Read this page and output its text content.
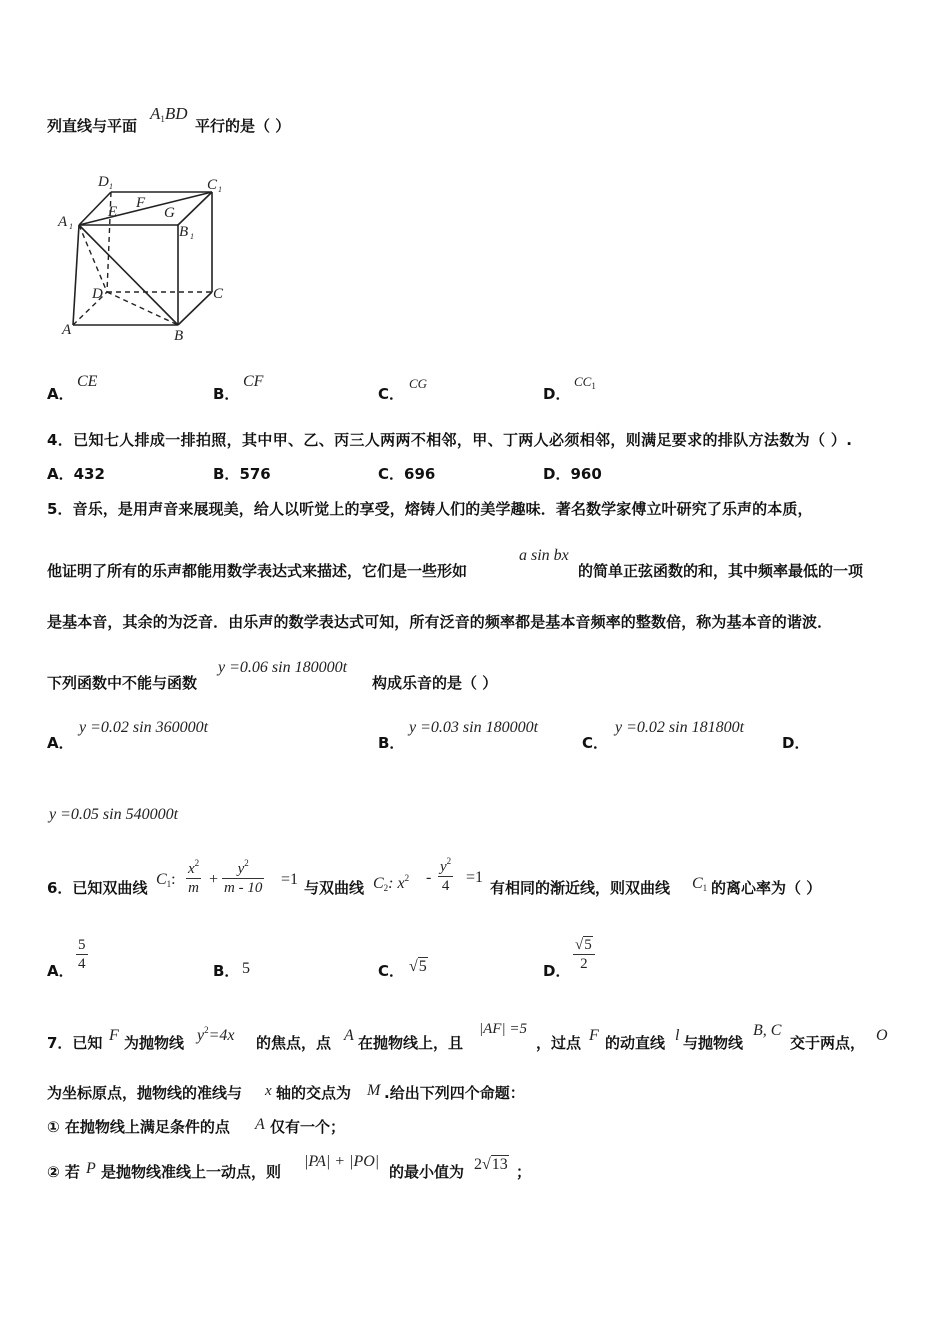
列直线与平面
$A_1BD$
平行的是（ ）
D 1	C 1
A 1
E
F
G
B 1
D	C
A	B
A．
CE
B．
CF
C．
CG
D．
$CC_1$
4．已知七人排成一排拍照，其中甲、乙、丙三人两两不相邻，甲、丁两人必须相邻，则满足要求的排队方法数为（ ）.
A．432	B．576	C．696	D．960
5．音乐，是用声音来展现美，给人以听觉上的享受，熔铸人们的美学趣味．著名数学家傅立叶研究了乐声的本质，
他证明了所有的乐声都能用数学表达式来描述，它们是一些形如
a sin bx
的简单正弦函数的和，其中频率最低的一项
是基本音，其余的为泛音．由乐声的数学表达式可知，所有泛音的频率都是基本音频率的整数倍，称为基本音的谐波．
下列函数中不能与函数
y =0.06 sin 180000t
构成乐音的是（ ）
A．
y =0.02 sin 360000t
B．
y =0.03 sin 180000t
C．
y =0.02 sin 181800t
D．
y =0.05 sin 540000t
6．已知双曲线 $C_1$:
$x^2$
m +
$y^2$
m - 10 =1 与双曲线 $C_2$: $x^2$ -
$y^2$
4 =1
有相同的渐近线，则双曲线 $C_1$ 的离心率为（ ）
A．
5
4	B． 5	C． √5	D．
√5
2
7．已知 F 为抛物线 $y^2=4x$ 的焦点，点 A 在抛物线上，且
|AF| =5
，过点 F 的动直线 l 与抛物线
B, C
交于两点， O
为坐标原点，抛物线的准线与 x 轴的交点为 M .给出下列四个命题：
① 在抛物线上满足条件的点 A 仅有一个；
② 若 P 是抛物线准线上一动点，则
|PA| + |PO|
的最小值为 2√13 ；
